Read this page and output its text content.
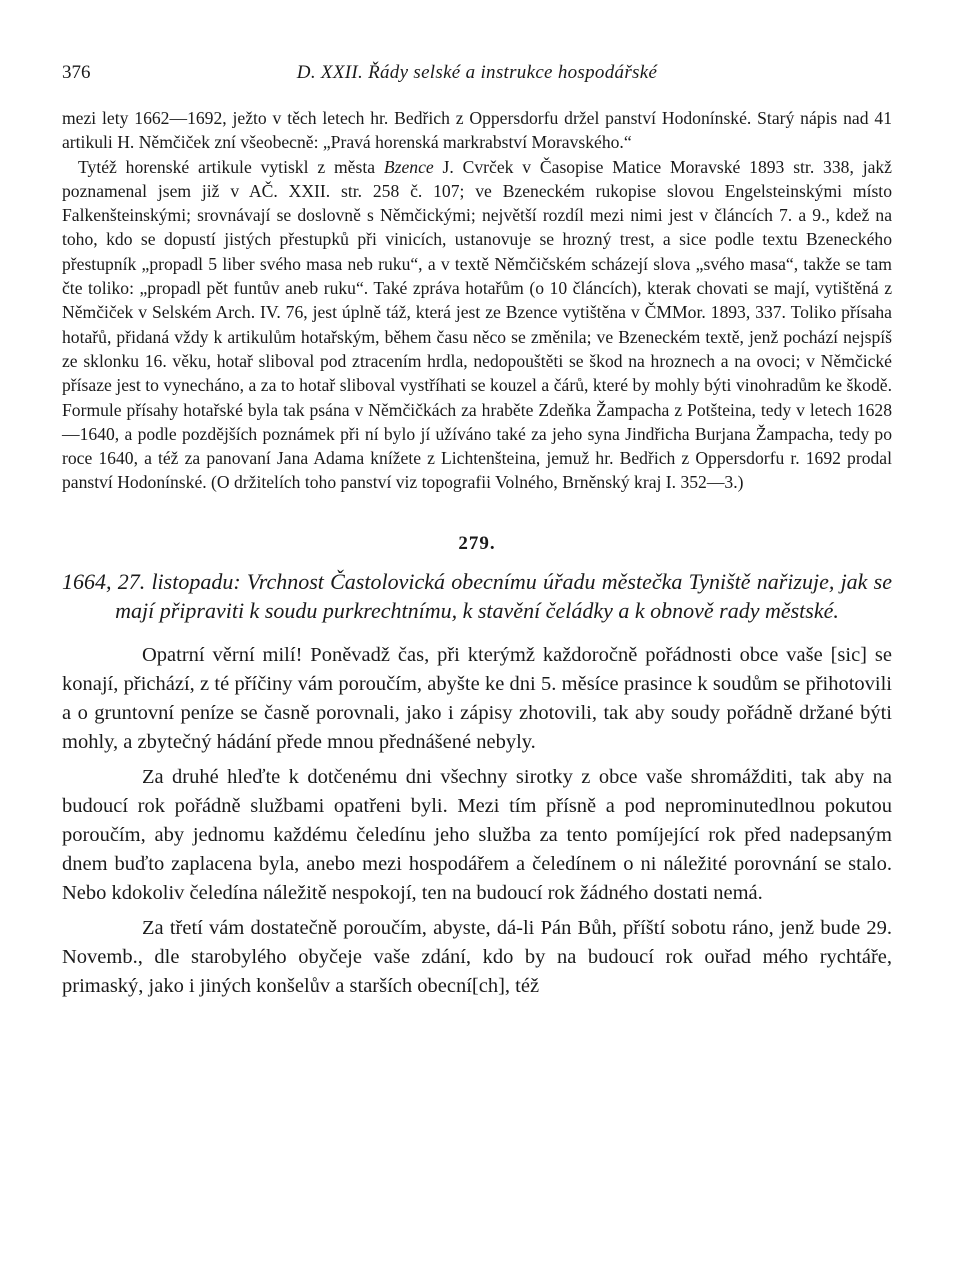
376	D. XXII. Řády selské a instrukce hospodářské

mezi lety 1662—1692, ježto v těch letech hr. Bedřich z Oppersdorfu držel panství Hodonínské. Starý nápis nad 41 artikuli H. Němčiček zní všeobecně: „Pravá horenská markrabství Moravského.“

Tytéž horenské artikule vytiskl z města Bzence J. Cvrček v Časopise Matice Moravské 1893 str. 338, jakž poznamenal jsem již v AČ. XXII. str. 258 č. 107; ve Bzeneckém rukopise slovou Engelsteinskými místo Falkenšteinskými; srovnávají se doslovně s Němčickými; největší rozdíl mezi nimi jest v článcích 7. a 9., kdež na toho, kdo se dopustí jistých přestupků při vinicích, ustanovuje se hrozný trest, a sice podle textu Bzeneckého přestupník „propadl 5 liber svého masa neb ruku“, a v textě Němčičském scházejí slova „svého masa“, takže se tam čte toliko: „propadl pět funtův aneb ruku“. Také zpráva hotařům (o 10 článcích), kterak chovati se mají, vytištěná z Němčiček v Selském Arch. IV. 76, jest úplně táž, která jest ze Bzence vytištěna v ČMMor. 1893, 337. Toliko přísaha hotařů, přidaná vždy k artikulům hotařským, během času něco se změnila; ve Bzeneckém textě, jenž pochází nejspíš ze sklonku 16. věku, hotař sliboval pod ztracením hrdla, nedopouštěti se škod na hroznech a na ovoci; v Němčické přísaze jest to vynecháno, a za to hotař sliboval vystříhati se kouzel a čárů, které by mohly býti vinohradům ke škodě. Formule přísahy hotařské byla tak psána v Němčičkách za hraběte Zdeňka Žampacha z Potšteina, tedy v letech 1628—1640, a podle pozdějších poznámek při ní bylo jí užíváno také za jeho syna Jindřicha Burjana Žampacha, tedy po roce 1640, a též za panovaní Jana Adama knížete z Lichtenšteina, jemuž hr. Bedřich z Oppersdorfu r. 1692 prodal panství Hodonínské. (O držitelích toho panství viz topografii Volného, Brněnský kraj I. 352—3.)

279.
1664, 27. listopadu: Vrchnost Častolovická obecnímu úřadu městečka Tyniště nařizuje, jak se mají připraviti k soudu purkrechtnímu, k stavění čeládky a k obnově rady městské.

Opatrní věrní milí! Poněvadž čas, při kterýmž každoročně pořádnosti obce vaše [sic] se konají, přichází, z té příčiny vám poroučím, abyšte ke dni 5. měsíce prasince k soudům se přihotovili a o gruntovní peníze se časně porovnali, jako i zápisy zhotovili, tak aby soudy pořádně držané býti mohly, a zbytečný hádání přede mnou přednášené nebyly.

Za druhé hleďte k dotčenému dni všechny sirotky z obce vaše shromážditi, tak aby na budoucí rok pořádně službami opatřeni byli. Mezi tím přísně a pod neprominutedlnou pokutou poroučím, aby jednomu každému čeledínu jeho služba za tento pomíjející rok před nadepsaným dnem buďto zaplacena byla, anebo mezi hospodářem a čeledínem o ni náležité porovnání se stalo. Nebo kdokoliv čeledína náležitě nespokojí, ten na budoucí rok žádného dostati nemá.

Za třetí vám dostatečně poroučím, abyste, dá-li Pán Bůh, příští sobotu ráno, jenž bude 29. Novemb., dle starobylého obyčeje vaše zdání, kdo by na budoucí rok ouřad mého rychtáře, primaský, jako i jiných konšelův a starších obecní[ch], též
